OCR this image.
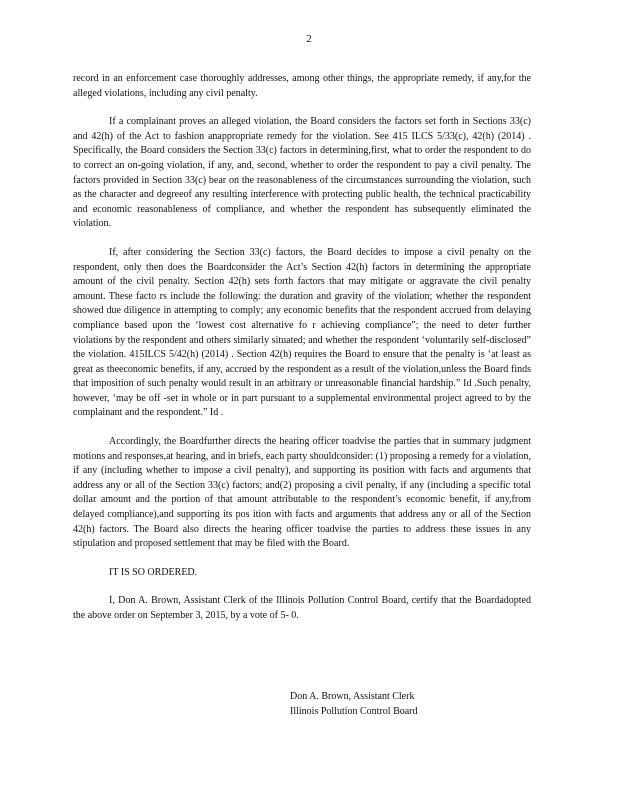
2

record in an enforcement case thoroughly addresses, among other things, the appropriate remedy, if any,for the alleged violations, including any civil penalty.

If a complainant proves an alleged violation, the Board considers the factors set forth in Sections 33(c) and 42(h) of the Act to fashion anappropriate remedy for the violation. See 415 ILCS 5/33(c), 42(h) (2014) . Specifically, the Board considers the Section 33(c) factors in determining,first, what to order the respondent to do to correct an on-going violation, if any, and, second, whether to order the respondent to pay a civil penalty. The factors provided in Section 33(c) bear on the reasonableness of the circumstances surrounding the violation, such as the character and degreeof any resulting interference with protecting public health, the technical practicability and economic reasonableness of compliance, and whether the respondent has subsequently eliminated the violation.

If, after considering the Section 33(c) factors, the Board decides to impose a civil penalty on the respondent, only then does the Boardconsider the Act’s Section 42(h) factors in determining the appropriate amount of the civil penalty. Section 42(h) sets forth factors that may mitigate or aggravate the civil penalty amount. These facto rs include the following: the duration and gravity of the violation; whether the respondent showed due diligence in attempting to comply; any economic benefits that the respondent accrued from delaying compliance based upon the ‘lowest cost alternative fo r achieving compliance”; the need to deter further violations by the respondent and others similarly situated; and whether the respondent ‘voluntarily self-disclosed” the violation. 415ILCS 5/42(h) (2014) . Section 42(h) requires the Board to ensure that the penalty is ‘at least as great as theeconomic benefits, if any, accrued by the respondent as a result of the violation,unless the Board finds that imposition of such penalty would result in an arbitrary or unreasonable financial hardship.” Id .Such penalty, however, ‘may be off -set in whole or in part pursuant to a supplemental environmental project agreed to by the complainant and the respondent.” Id .

Accordingly, the Boardfurther directs the hearing officer toadvise the parties that in summary judgment motions and responses,at hearing, and in briefs, each party shouldconsider: (1) proposing a remedy for a violation, if any (including whether to impose a civil penalty), and supporting its position with facts and arguments that address any or all of the Section 33(c) factors; and(2) proposing a civil penalty, if any (including a specific total dollar amount and the portion of that amount attributable to the respondent’s economic benefit, if any,from delayed compliance),and supporting its pos ition with facts and arguments that address any or all of the Section 42(h) factors. The Board also directs the hearing officer toadvise the parties to address these issues in any stipulation and proposed settlement that may be filed with the Board.

IT IS SO ORDERED.

I, Don A. Brown, Assistant Clerk of the Illinois Pollution Control Board, certify that the Boardadopted the above order on September 3, 2015, by a vote of 5- 0.

Don A. Brown, Assistant Clerk
Illinois Pollution Control Board
